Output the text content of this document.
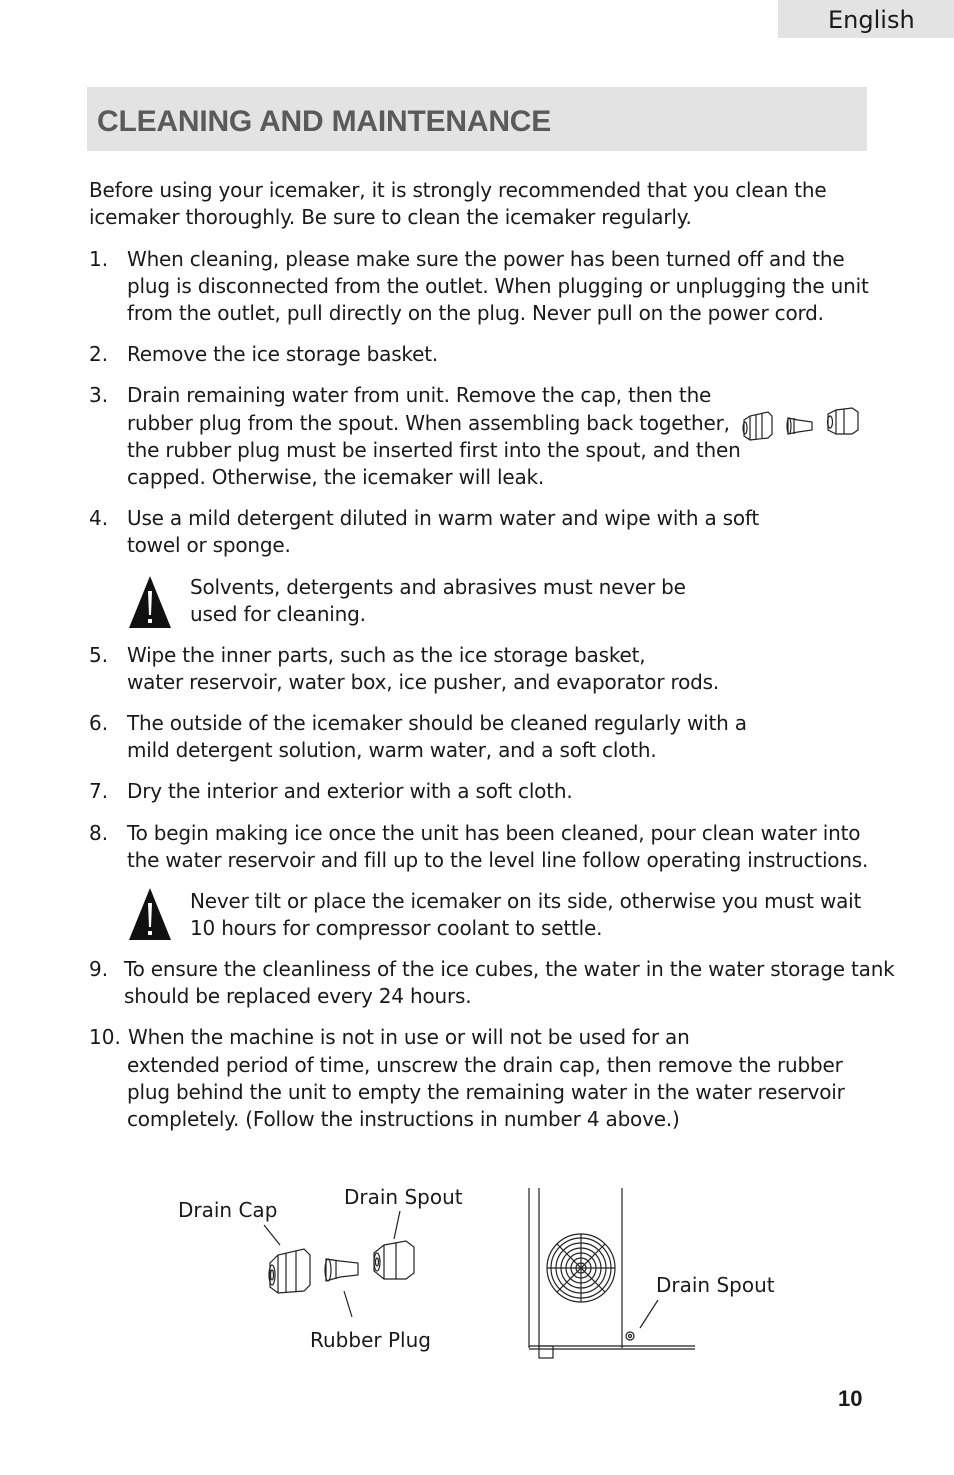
English
CLEANING AND MAINTENANCE
Before using your icemaker, it is strongly recommended that you clean the
icemaker thoroughly. Be sure to clean the icemaker regularly.
1. When cleaning, please make sure the power has been turned off and the
plug is disconnected from the outlet. When plugging or unplugging the unit
from the outlet, pull directly on the plug. Never pull on the power cord.
2. Remove the ice storage basket.
3. Drain remaining water from unit. Remove the cap, then the
rubber plug from the spout. When assembling back together,
the rubber plug must be inserted first into the spout, and then
capped. Otherwise, the icemaker will leak.
4. Use a mild detergent diluted in warm water and wipe with a soft
towel or sponge.
Solvents, detergents and abrasives must never be
used for cleaning.
5. Wipe the inner parts, such as the ice storage basket,
water reservoir, water box, ice pusher, and evaporator rods.
6. The outside of the icemaker should be cleaned regularly with a
mild detergent solution, warm water, and a soft cloth.
7. Dry the interior and exterior with a soft cloth.
8. To begin making ice once the unit has been cleaned, pour clean water into
the water reservoir and fill up to the level line follow operating instructions.
Never tilt or place the icemaker on its side, otherwise you must wait
10 hours for compressor coolant to settle.
9. To ensure the cleanliness of the ice cubes, the water in the water storage tank
should be replaced every 24 hours.
10. When the machine is not in use or will not be used for an
extended period of time, unscrew the drain cap, then remove the rubber
plug behind the unit to empty the remaining water in the water reservoir
completely. (Follow the instructions in number 4 above.)
Drain Cap
Drain Spout
Rubber Plug
Drain Spout
10
